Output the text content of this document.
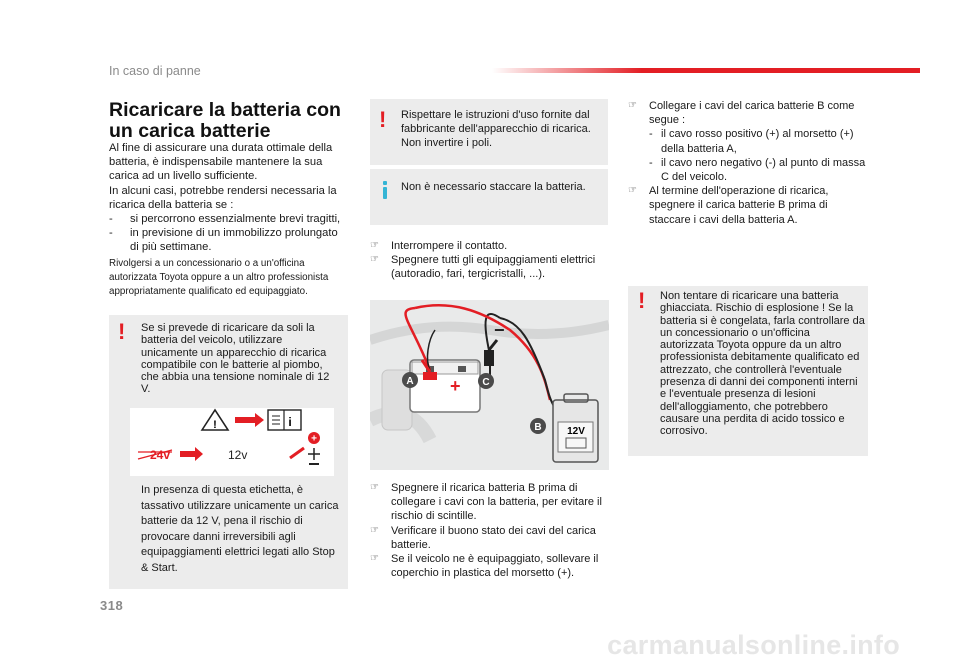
In caso di panne
318
Ricaricare la batteria con un carica batterie

Al fine di assicurare una durata ottimale della batteria, è indispensabile mantenere la sua carica ad un livello sufficiente.

In alcuni casi, potrebbe rendersi necessaria la ricarica della batteria se :

-	si percorrono essenzialmente brevi tragitti,
-	in previsione di un immobilizzo prolungato di più settimane.

Rivolgersi a un concessionario o a un'officina autorizzata Toyota oppure a un altro professionista appropriatamente qualificato ed equipaggiato.

! Se si prevede di ricaricare da soli la batteria del veicolo, utilizzare unicamente un apparecchio di ricarica compatibile con le batterie al piombo, che abbia una tensione nominale di 12 V.
!	i
+
24v	12v
In presenza di questa etichetta, è tassativo utilizzare unicamente un carica batterie da 12 V, pena il rischio di provocare danni irreversibili agli equipaggiamenti elettrici legati allo Stop & Start.
! Rispettare le istruzioni d'uso fornite dal fabbricante dell'apparecchio di ricarica. Non invertire i poli.
Non è necessario staccare la batteria.
☞	Interrompere il contatto.
☞	Spegnere tutti gli equipaggiamenti elettrici (autoradio, fari, tergicristalli, ...).
+
−
12V
A	C
B
☞	Spegnere il ricarica batteria B prima di collegare i cavi con la batteria, per evitare il rischio di scintille.
☞	Verificare il buono stato dei cavi del carica batterie.
☞	Se il veicolo ne è equipaggiato, sollevare il coperchio in plastica del morsetto (+).
☞	Collegare i cavi del carica batterie B come segue :
- il cavo rosso positivo (+) al morsetto (+) della batteria A,
- il cavo nero negativo (-) al punto di massa C del veicolo.
☞	Al termine dell'operazione di ricarica, spegnere il carica batterie B prima di staccare i cavi della batteria A.
! Non tentare di ricaricare una batteria ghiacciata. Rischio di esplosione ! Se la batteria si è congelata, farla controllare da un concessionario o un'officina autorizzata Toyota oppure da un altro professionista debitamente qualificato ed attrezzato, che controllerà l'eventuale presenza di danni dei componenti interni e l'eventuale presenza di lesioni dell'alloggiamento, che potrebbero causare una perdita di acido tossico e corrosivo.
carmanualsonline.info
